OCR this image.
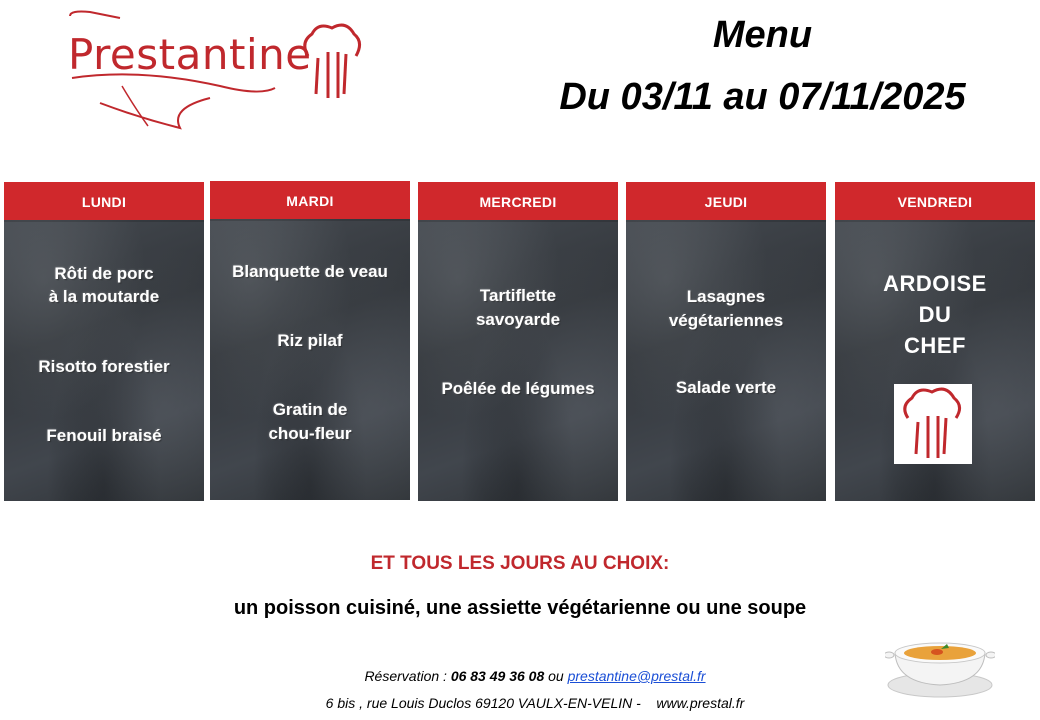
Prestantine	Menu
Du 03/11 au 07/11/2025
LUNDI
Rôti de porc
à la moutarde
Risotto forestier
Fenouil braisé
MARDI
Blanquette de veau
Riz pilaf
Gratin de
chou-fleur
MERCREDI
Tartiflette
savoyarde
Poêlée de légumes
JEUDI
Lasagnes
végétariennes
Salade verte
VENDREDI
ARDOISE
DU
CHEF
ET TOUS LES JOURS AU CHOIX:
un poisson cuisiné, une assiette végétarienne ou une soupe
Réservation : 06 83 49 36 08 ou prestantine@prestal.fr
6 bis , rue Louis Duclos 69120 VAULX-EN-VELIN - www.prestal.fr
